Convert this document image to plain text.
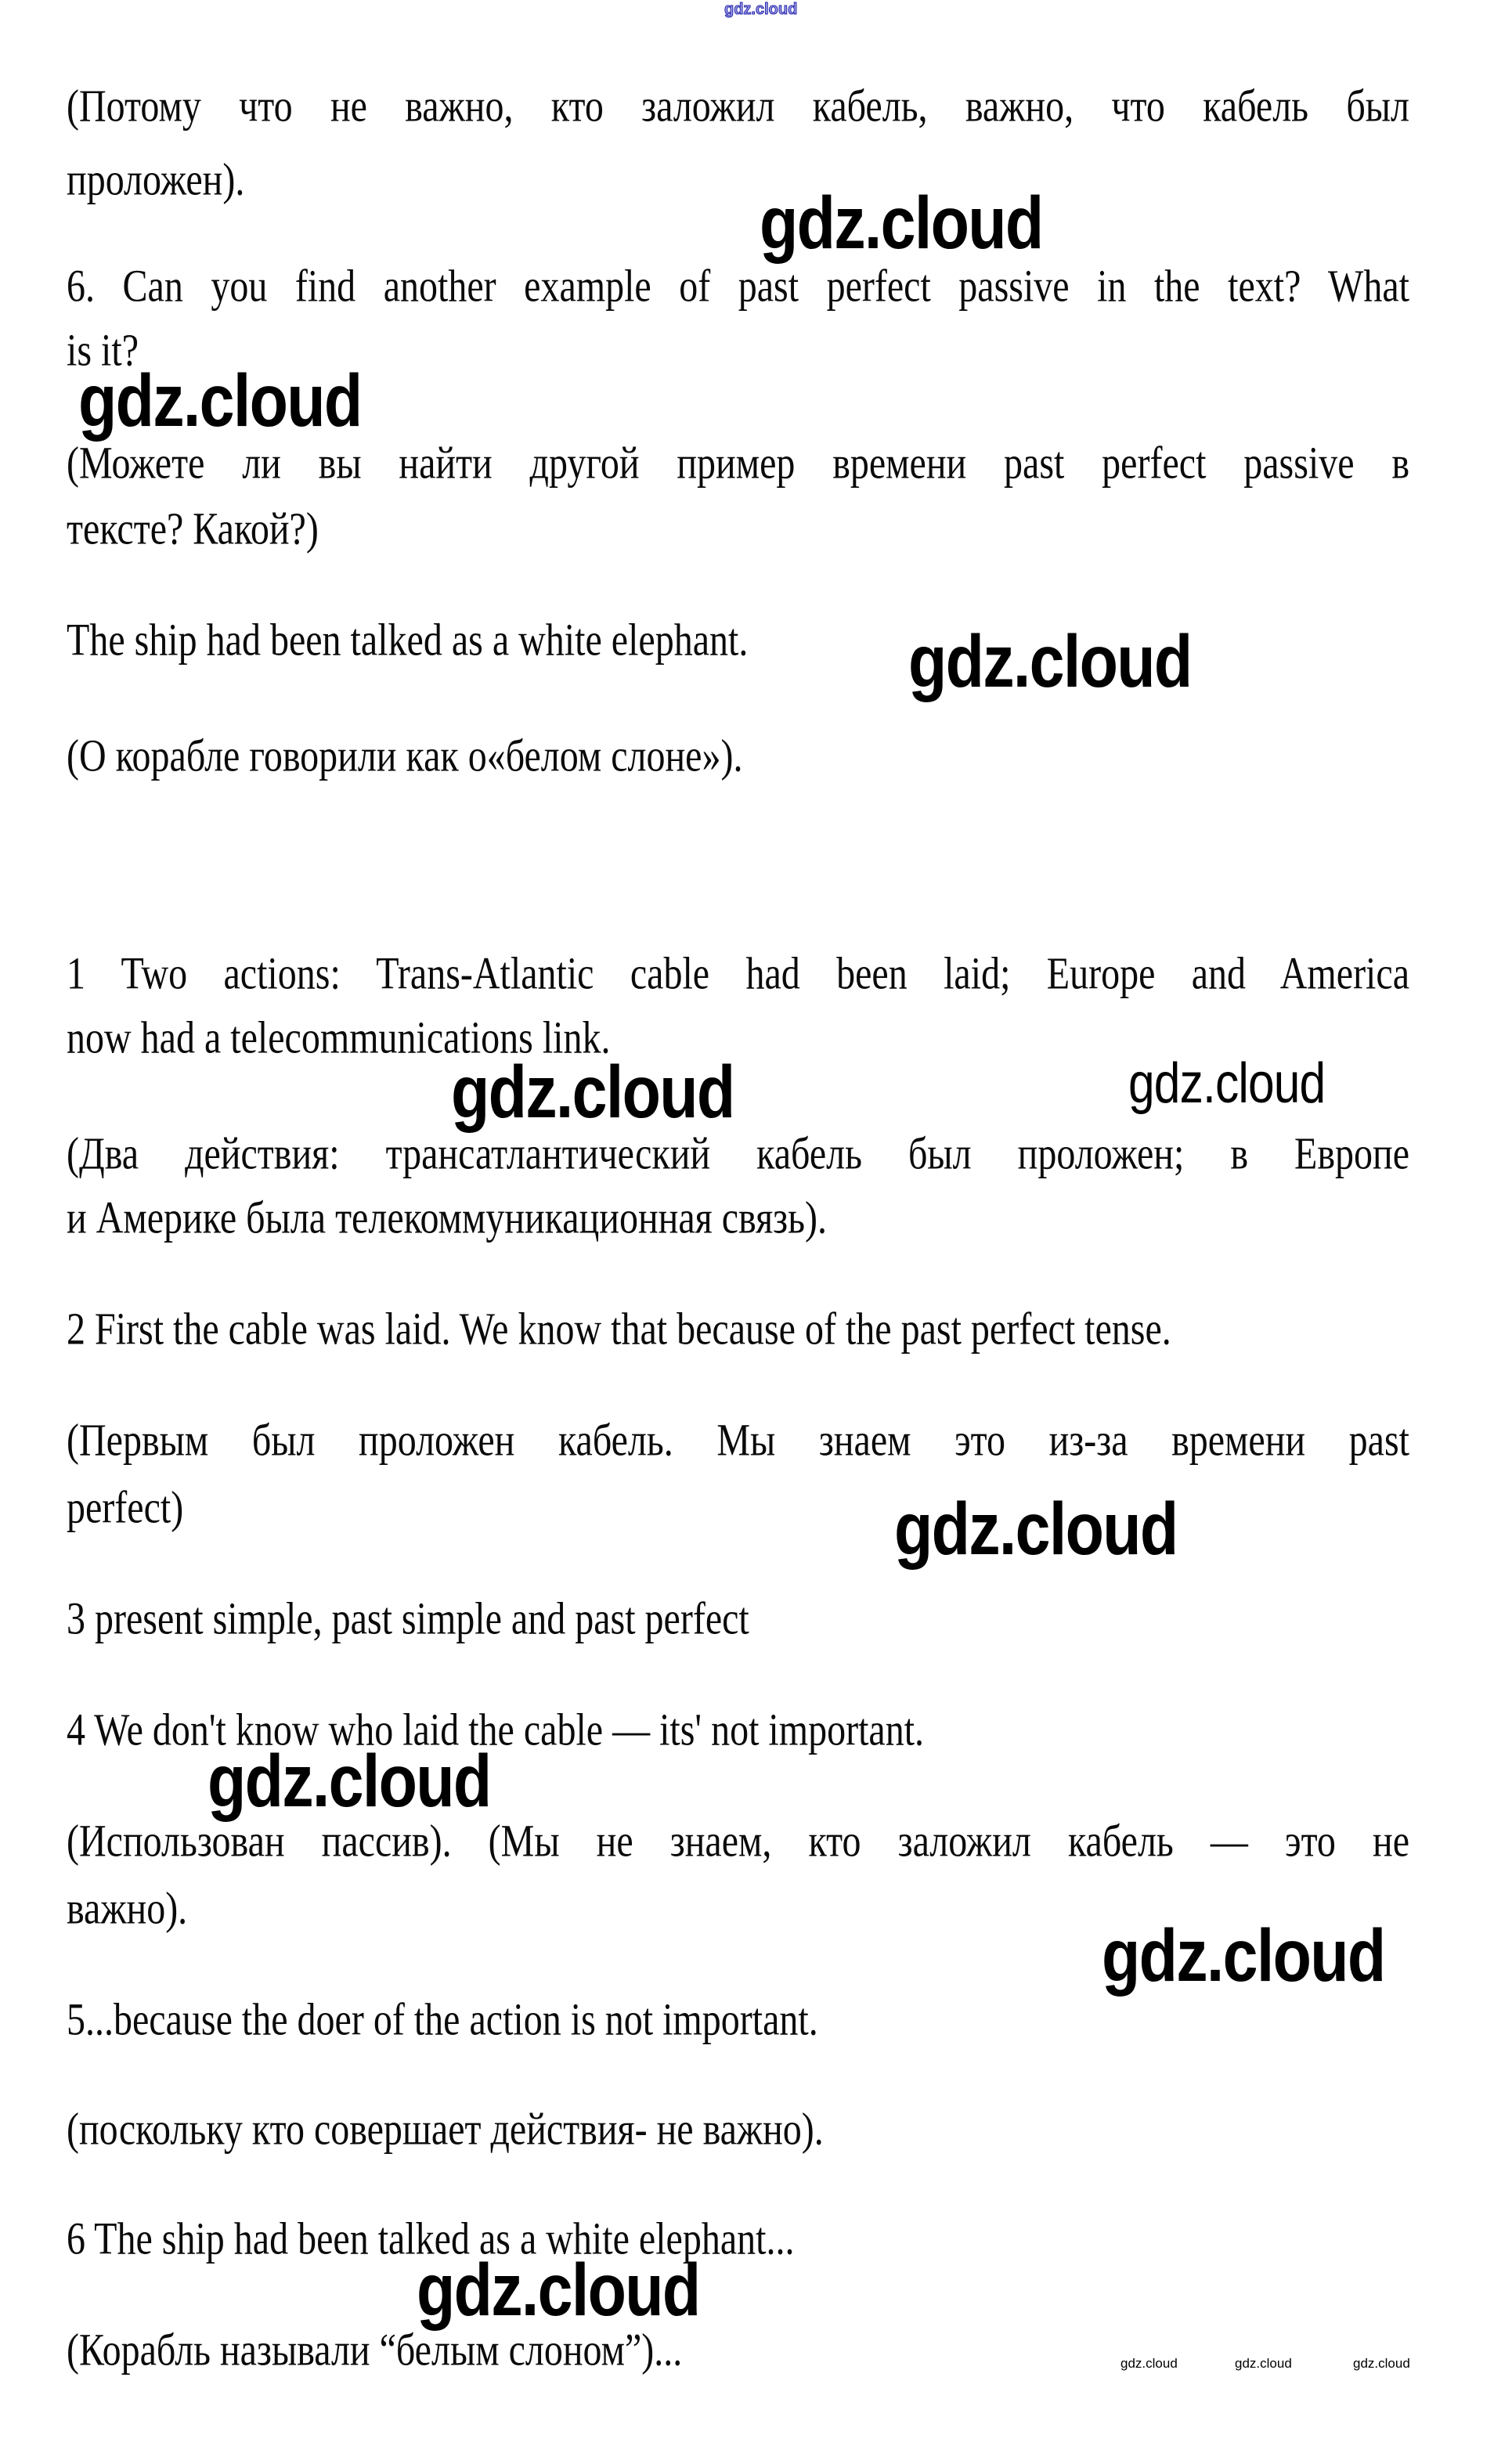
gdz.cloud
(Потому что не важно, кто заложил кабель, важно, что кабель был
проложен).
6. Can you find another example of past perfect passive in the text? What
is it?
(Можете ли вы найти другой пример времени past perfect passive в
тексте? Какой?)
The ship had been talked as a white elephant.
(О корабле говорили как о«белом слоне»).
1 Two actions: Trans-Atlantic cable had been laid; Europe and America
now had a telecommunications link.
(Два действия: трансатлантический кабель был проложен; в Европе
и Америке была телекоммуникационная связь).
2 First the cable was laid. We know that because of the past perfect tense.
(Первым был проложен кабель. Мы знаем это из-за времени past
perfect)
3 present simple, past simple and past perfect
4 We don't know who laid the cable — its' not important.
(Использован пассив). (Мы не знаем, кто заложил кабель — это не
важно).
5...because the doer of the action is not important.
(поскольку кто совершает действия- не важно).
6 The ship had been talked as a white elephant...
(Корабль называли “белым слоном”)...
gdz.cloud
gdz.cloud
gdz.cloud
gdz.cloud	gdz.cloud
gdz.cloud
gdz.cloud
gdz.cloud
gdz.cloud
gdz.cloud	gdz.cloud	gdz.cloud
